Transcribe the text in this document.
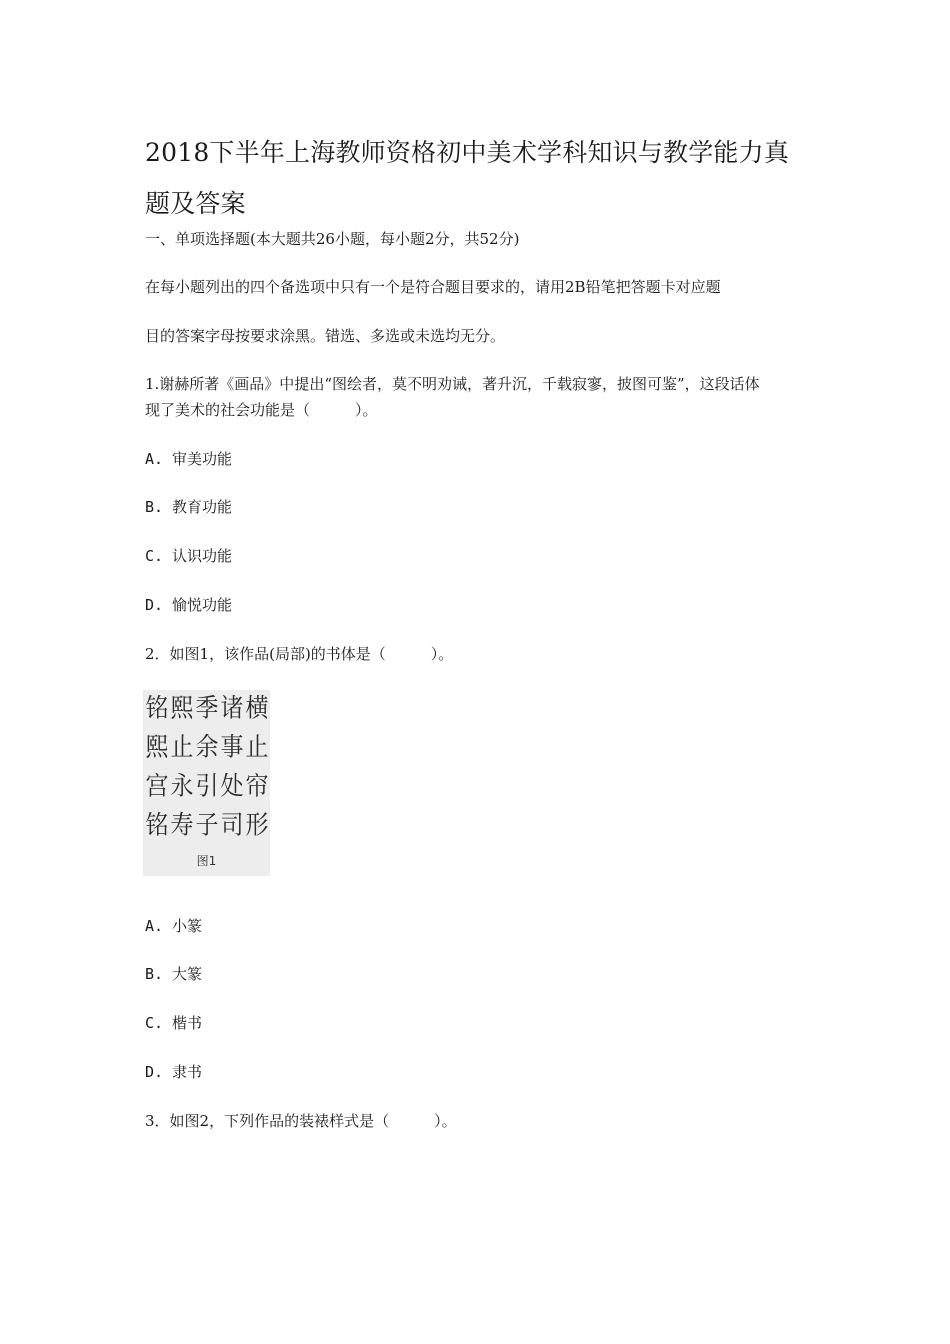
2018下半年上海教师资格初中美术学科知识与教学能力真
题及答案
一、单项选择题(本大题共26小题，每小题2分，共52分)
在每小题列出的四个备选项中只有一个是符合题目要求的，请用2B铅笔把答题卡对应题
目的答案字母按要求涂黑。错选、多选或未选均无分。
1.谢赫所著《画品》中提出“图绘者，莫不明劝诫，著升沉，千载寂寥，披图可鉴”，这段话体
现了美术的社会功能是（　　　）。
A. 审美功能
B. 教育功能
C. 认识功能
D. 愉悦功能
2．如图1，该作品(局部)的书体是（　　　）。
铭 熙 季 诸 横
熙 止 余 事 止
宫 永 引 处 帘
铭 寿 子 司 形
图1
A. 小篆
B. 大篆
C. 楷书
D. 隶书
3．如图2，下列作品的装裱样式是（　　　）。
